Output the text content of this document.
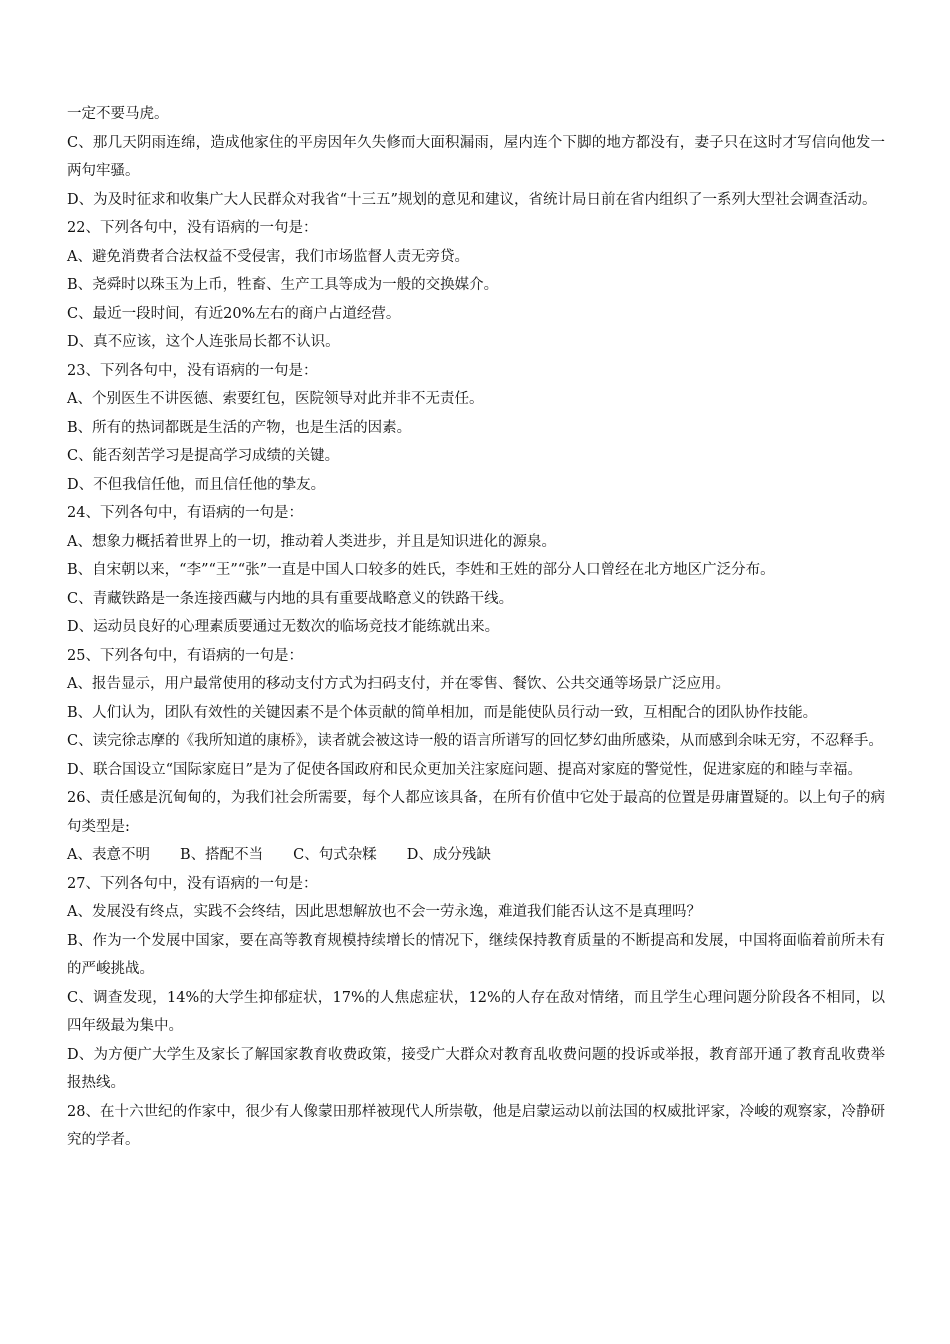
一定不要马虎。

C、那几天阴雨连绵，造成他家住的平房因年久失修而大面积漏雨，屋内连个下脚的地方都没有，妻子只在这时才写信向他发一两句牢骚。

D、为及时征求和收集广大人民群众对我省“十三五”规划的意见和建议，省统计局日前在省内组织了一系列大型社会调查活动。

22、下列各句中，没有语病的一句是：

A、避免消费者合法权益不受侵害，我们市场监督人责无旁贷。

B、尧舜时以珠玉为上币，牲畜、生产工具等成为一般的交换媒介。

C、最近一段时间，有近20%左右的商户占道经营。

D、真不应该，这个人连张局长都不认识。

23、下列各句中，没有语病的一句是：

A、个别医生不讲医德、索要红包，医院领导对此并非不无责任。

B、所有的热词都既是生活的产物，也是生活的因素。

C、能否刻苦学习是提高学习成绩的关键。

D、不但我信任他，而且信任他的挚友。

24、下列各句中，有语病的一句是：

A、想象力概括着世界上的一切，推动着人类进步，并且是知识进化的源泉。

B、自宋朝以来，“李”“王”“张”一直是中国人口较多的姓氏，李姓和王姓的部分人口曾经在北方地区广泛分布。

C、青藏铁路是一条连接西藏与内地的具有重要战略意义的铁路干线。

D、运动员良好的心理素质要通过无数次的临场竞技才能练就出来。

25、下列各句中，有语病的一句是：

A、报告显示，用户最常使用的移动支付方式为扫码支付，并在零售、餐饮、公共交通等场景广泛应用。

B、人们认为，团队有效性的关键因素不是个体贡献的简单相加，而是能使队员行动一致，互相配合的团队协作技能。

C、读完徐志摩的《我所知道的康桥》，读者就会被这诗一般的语言所谱写的回忆梦幻曲所感染，从而感到余味无穷，不忍释手。

D、联合国设立“国际家庭日”是为了促使各国政府和民众更加关注家庭问题、提高对家庭的警觉性，促进家庭的和睦与幸福。

26、责任感是沉甸甸的，为我们社会所需要，每个人都应该具备，在所有价值中它处于最高的位置是毋庸置疑的。以上句子的病句类型是:

A、表意不明 B、搭配不当 C、句式杂糅 D、成分残缺

27、下列各句中，没有语病的一句是：

A、发展没有终点，实践不会终结，因此思想解放也不会一劳永逸，难道我们能否认这不是真理吗？

B、作为一个发展中国家，要在高等教育规模持续增长的情况下，继续保持教育质量的不断提高和发展，中国将面临着前所未有的严峻挑战。

C、调查发现，14%的大学生抑郁症状，17%的人焦虑症状，12%的人存在敌对情绪，而且学生心理问题分阶段各不相同，以四年级最为集中。

D、为方便广大学生及家长了解国家教育收费政策，接受广大群众对教育乱收费问题的投诉或举报，教育部开通了教育乱收费举报热线。

28、在十六世纪的作家中，很少有人像蒙田那样被现代人所崇敬，他是启蒙运动以前法国的权威批评家，冷峻的观察家，冷静研究的学者。
